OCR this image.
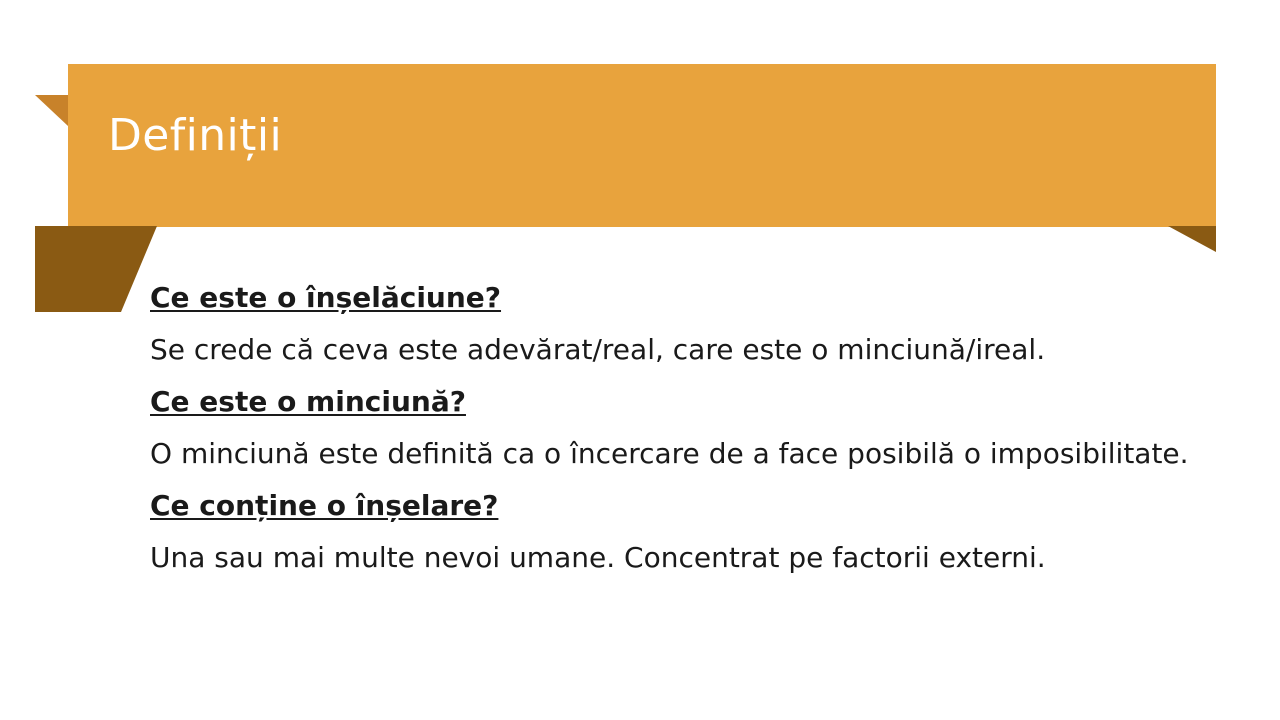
Definiții
Ce este o înșelăciune?
Se crede că ceva este adevărat/real, care este o minciună/ireal.
Ce este o minciună?
O minciună este definită ca o încercare de a face posibilă o imposibilitate.
Ce conține o înșelare?
Una sau mai multe nevoi umane. Concentrat pe factorii externi.
